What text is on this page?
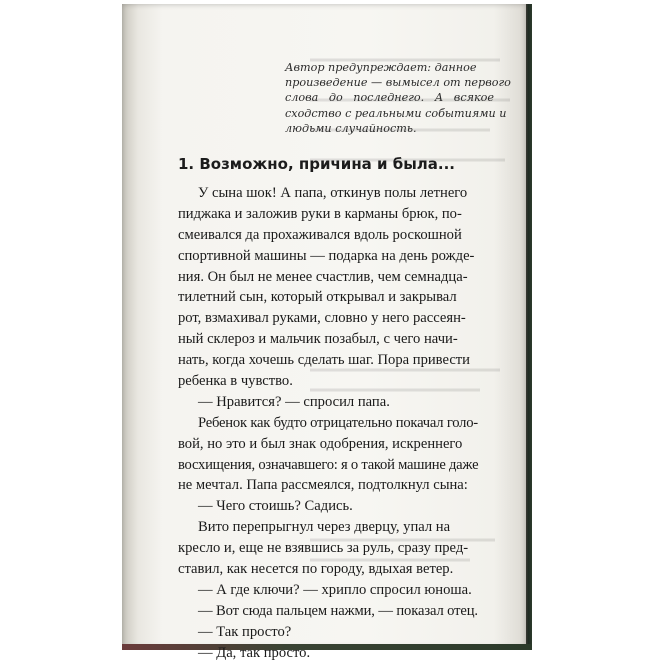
Автор предупреждает: данное
произведение — вымысел от первого
слова до последнего. А всякое
сходство с реальными событиями и
людьми случайность.
1. Возможно, причина и была...
У сына шок! А папа, откинув полы летнего
пиджака и заложив руки в карманы брюк, по-
смеивался да прохаживался вдоль роскошной
спортивной машины — подарка на день рожде-
ния. Он был не менее счастлив, чем семнадца-
тилетний сын, который открывал и закрывал
рот, взмахивал руками, словно у него рассеян-
ный склероз и мальчик позабыл, с чего начи-
нать, когда хочешь сделать шаг. Пора привести
ребенка в чувство.
— Нравится? — спросил папа.
Ребенок как будто отрицательно покачал голо-
вой, но это и был знак одобрения, искреннего
восхищения, означавшего: я о такой машине даже
не мечтал. Папа рассмеялся, подтолкнул сына:
— Чего стоишь? Садись.
Вито перепрыгнул через дверцу, упал на
кресло и, еще не взявшись за руль, сразу пред-
ставил, как несется по городу, вдыхая ветер.
— А где ключи? — хрипло спросил юноша.
— Вот сюда пальцем нажми, — показал отец.
— Так просто?
— Да, так просто.
